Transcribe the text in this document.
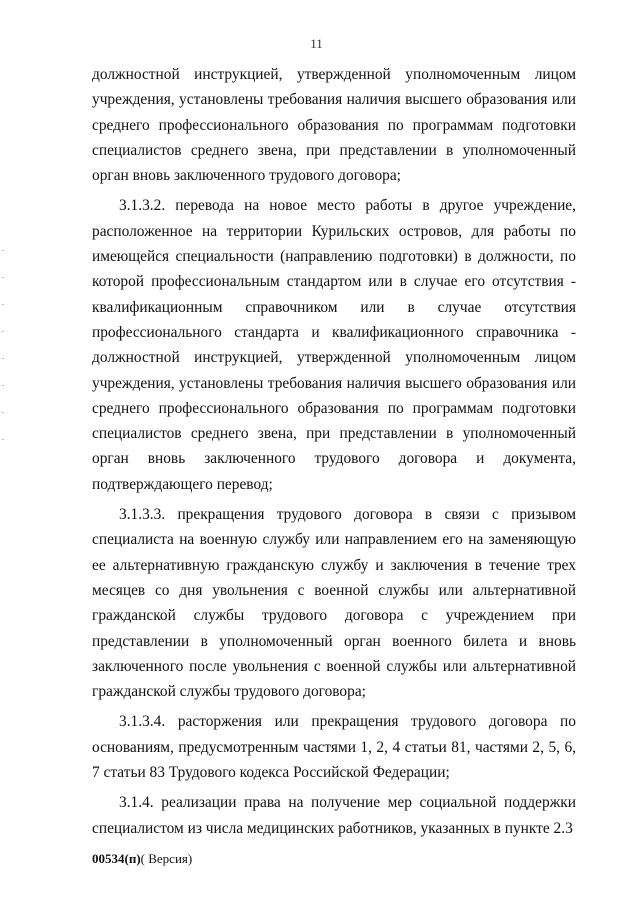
11

должностной инструкцией, утвержденной уполномоченным лицом учреждения, установлены требования наличия высшего образования или среднего профессионального образования по программам подготовки специалистов среднего звена, при представлении в уполномоченный орган вновь заключенного трудового договора;

3.1.3.2. перевода на новое место работы в другое учреждение, расположенное на территории Курильских островов, для работы по имеющейся специальности (направлению подготовки) в должности, по которой профессиональным стандартом или в случае его отсутствия - квалификационным справочником или в случае отсутствия профессионального стандарта и квалификационного справочника - должностной инструкцией, утвержденной уполномоченным лицом учреждения, установлены требования наличия высшего образования или среднего профессионального образования по программам подготовки специалистов среднего звена, при представлении в уполномоченный орган вновь заключенного трудового договора и документа, подтверждающего перевод;

3.1.3.3. прекращения трудового договора в связи с призывом специалиста на военную службу или направлением его на заменяющую ее альтернативную гражданскую службу и заключения в течение трех месяцев со дня увольнения с военной службы или альтернативной гражданской службы трудового договора с учреждением при представлении в уполномоченный орган военного билета и вновь заключенного после увольнения с военной службы или альтернативной гражданской службы трудового договора;

3.1.3.4. расторжения или прекращения трудового договора по основаниям, предусмотренным частями 1, 2, 4 статьи 81, частями 2, 5, 6, 7 статьи 83 Трудового кодекса Российской Федерации;

3.1.4. реализации права на получение мер социальной поддержки специалистом из числа медицинских работников, указанных в пункте 2.3

00534(п)( Версия)
